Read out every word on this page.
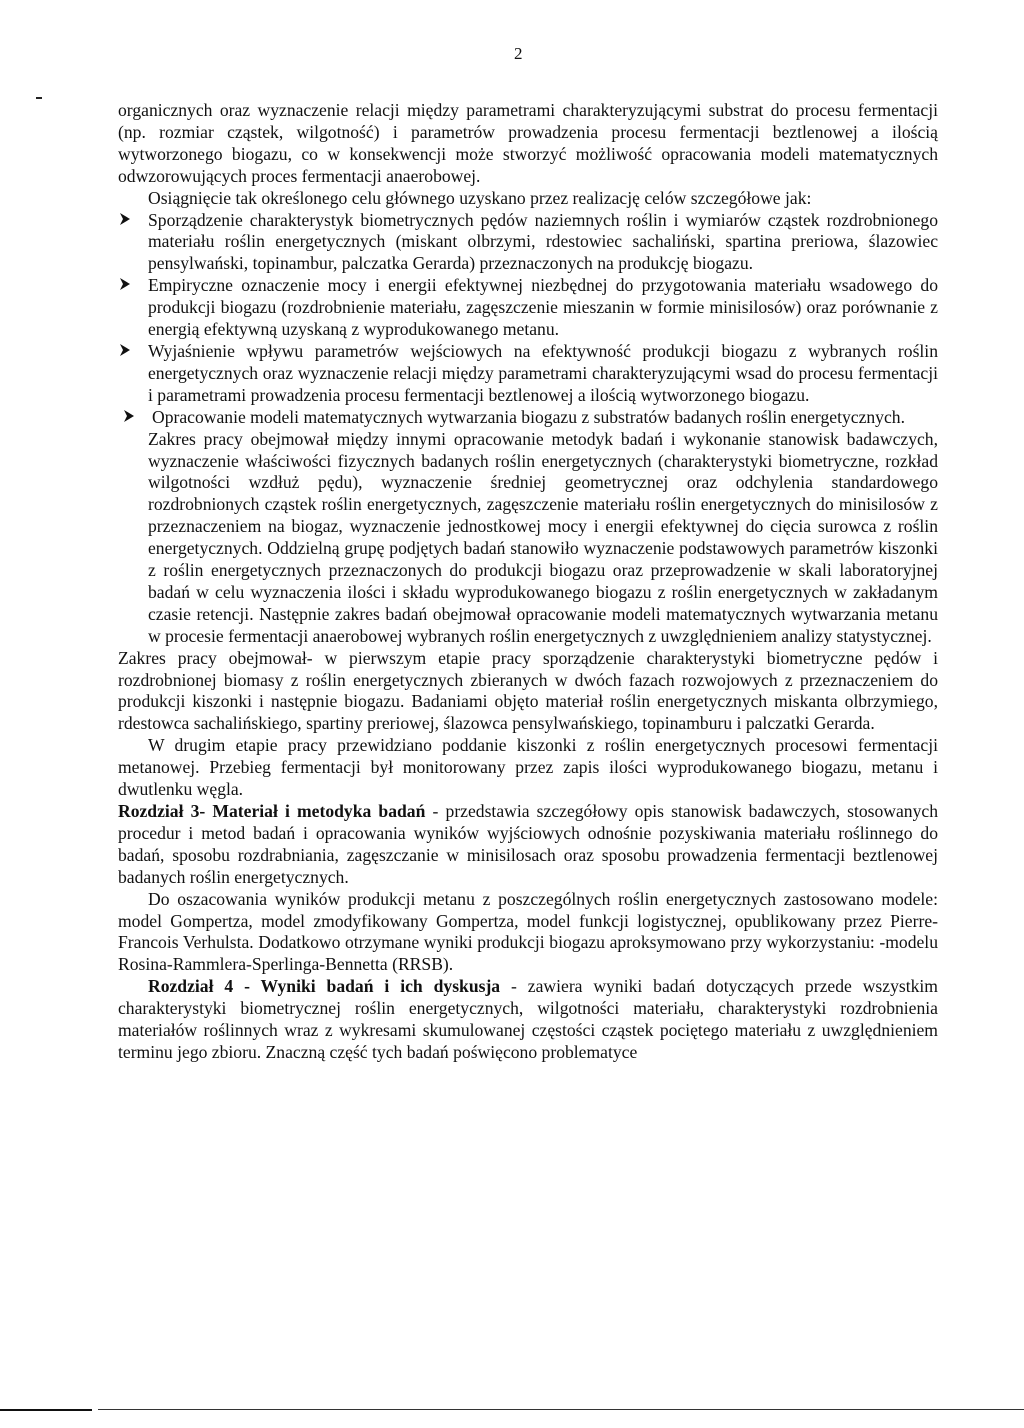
2

organicznych oraz wyznaczenie relacji między parametrami charakteryzującymi substrat do procesu fermentacji (np. rozmiar cząstek, wilgotność) i parametrów prowadzenia procesu fermentacji beztlenowej a ilością wytworzonego biogazu, co w konsekwencji może stworzyć możliwość opracowania modeli matematycznych odwzorowujących proces fermentacji anaerobowej.

Osiągnięcie tak określonego celu głównego uzyskano przez realizację celów szczegółowe jak:

Sporządzenie charakterystyk biometrycznych pędów naziemnych roślin i wymiarów cząstek rozdrobnionego materiału roślin energetycznych (miskant olbrzymi, rdestowiec sachaliński, spartina preriowa, ślazowiec pensylwański, topinambur, palczatka Gerarda) przeznaczonych na produkcję biogazu.
Empiryczne oznaczenie mocy i energii efektywnej niezbędnej do przygotowania materiału wsadowego do produkcji biogazu (rozdrobnienie materiału, zagęszczenie mieszanin w formie minisilosów) oraz porównanie z energią efektywną uzyskaną z wyprodukowanego metanu.
Wyjaśnienie wpływu parametrów wejściowych na efektywność produkcji biogazu z wybranych roślin energetycznych oraz wyznaczenie relacji między parametrami charakteryzującymi wsad do procesu fermentacji i parametrami prowadzenia procesu fermentacji beztlenowej a ilością wytworzonego biogazu.
Opracowanie modeli matematycznych wytwarzania biogazu z substratów badanych roślin energetycznych.
Zakres pracy obejmował między innymi opracowanie metodyk badań i wykonanie stanowisk badawczych, wyznaczenie właściwości fizycznych badanych roślin energetycznych (charakterystyki biometryczne, rozkład wilgotności wzdłuż pędu), wyznaczenie średniej geometrycznej oraz odchylenia standardowego rozdrobnionych cząstek roślin energetycznych, zagęszczenie materiału roślin energetycznych do minisilosów z przeznaczeniem na biogaz, wyznaczenie jednostkowej mocy i energii efektywnej do cięcia surowca z roślin energetycznych. Oddzielną grupę podjętych badań stanowiło wyznaczenie podstawowych parametrów kiszonki z roślin energetycznych przeznaczonych do produkcji biogazu oraz przeprowadzenie w skali laboratoryjnej badań w celu wyznaczenia ilości i składu wyprodukowanego biogazu z roślin energetycznych w zakładanym czasie retencji. Następnie zakres badań obejmował opracowanie modeli matematycznych wytwarzania metanu w procesie fermentacji anaerobowej wybranych roślin energetycznych z uwzględnieniem analizy statystycznej.

Zakres pracy obejmował- w pierwszym etapie pracy sporządzenie charakterystyki biometryczne pędów i rozdrobnionej biomasy z roślin energetycznych zbieranych w dwóch fazach rozwojowych z przeznaczeniem do produkcji kiszonki i następnie biogazu. Badaniami objęto materiał roślin energetycznych miskanta olbrzymiego, rdestowca sachalińskiego, spartiny preriowej, ślazowca pensylwańskiego, topinamburu i palczatki Gerarda.

W drugim etapie pracy przewidziano poddanie kiszonki z roślin energetycznych procesowi fermentacji metanowej. Przebieg fermentacji był monitorowany przez zapis ilości wyprodukowanego biogazu, metanu i dwutlenku węgla.

Rozdział 3- Materiał i metodyka badań - przedstawia szczegółowy opis stanowisk badawczych, stosowanych procedur i metod badań i opracowania wyników wyjściowych odnośnie pozyskiwania materiału roślinnego do badań, sposobu rozdrabniania, zagęszczanie w minisilosach oraz sposobu prowadzenia fermentacji beztlenowej badanych roślin energetycznych.

Do oszacowania wyników produkcji metanu z poszczególnych roślin energetycznych zastosowano modele: model Gompertza, model zmodyfikowany Gompertza, model funkcji logistycznej, opublikowany przez Pierre-Francois Verhulsta. Dodatkowo otrzymane wyniki produkcji biogazu aproksymowano przy wykorzystaniu: -modelu Rosina-Rammlera-Sperlinga-Bennetta (RRSB).

Rozdział 4 - Wyniki badań i ich dyskusja - zawiera wyniki badań dotyczących przede wszystkim charakterystyki biometrycznej roślin energetycznych, wilgotności materiału, charakterystyki rozdrobnienia materiałów roślinnych wraz z wykresami skumulowanej częstości cząstek pociętego materiału z uwzględnieniem terminu jego zbioru. Znaczną część tych badań poświęcono problematyce
